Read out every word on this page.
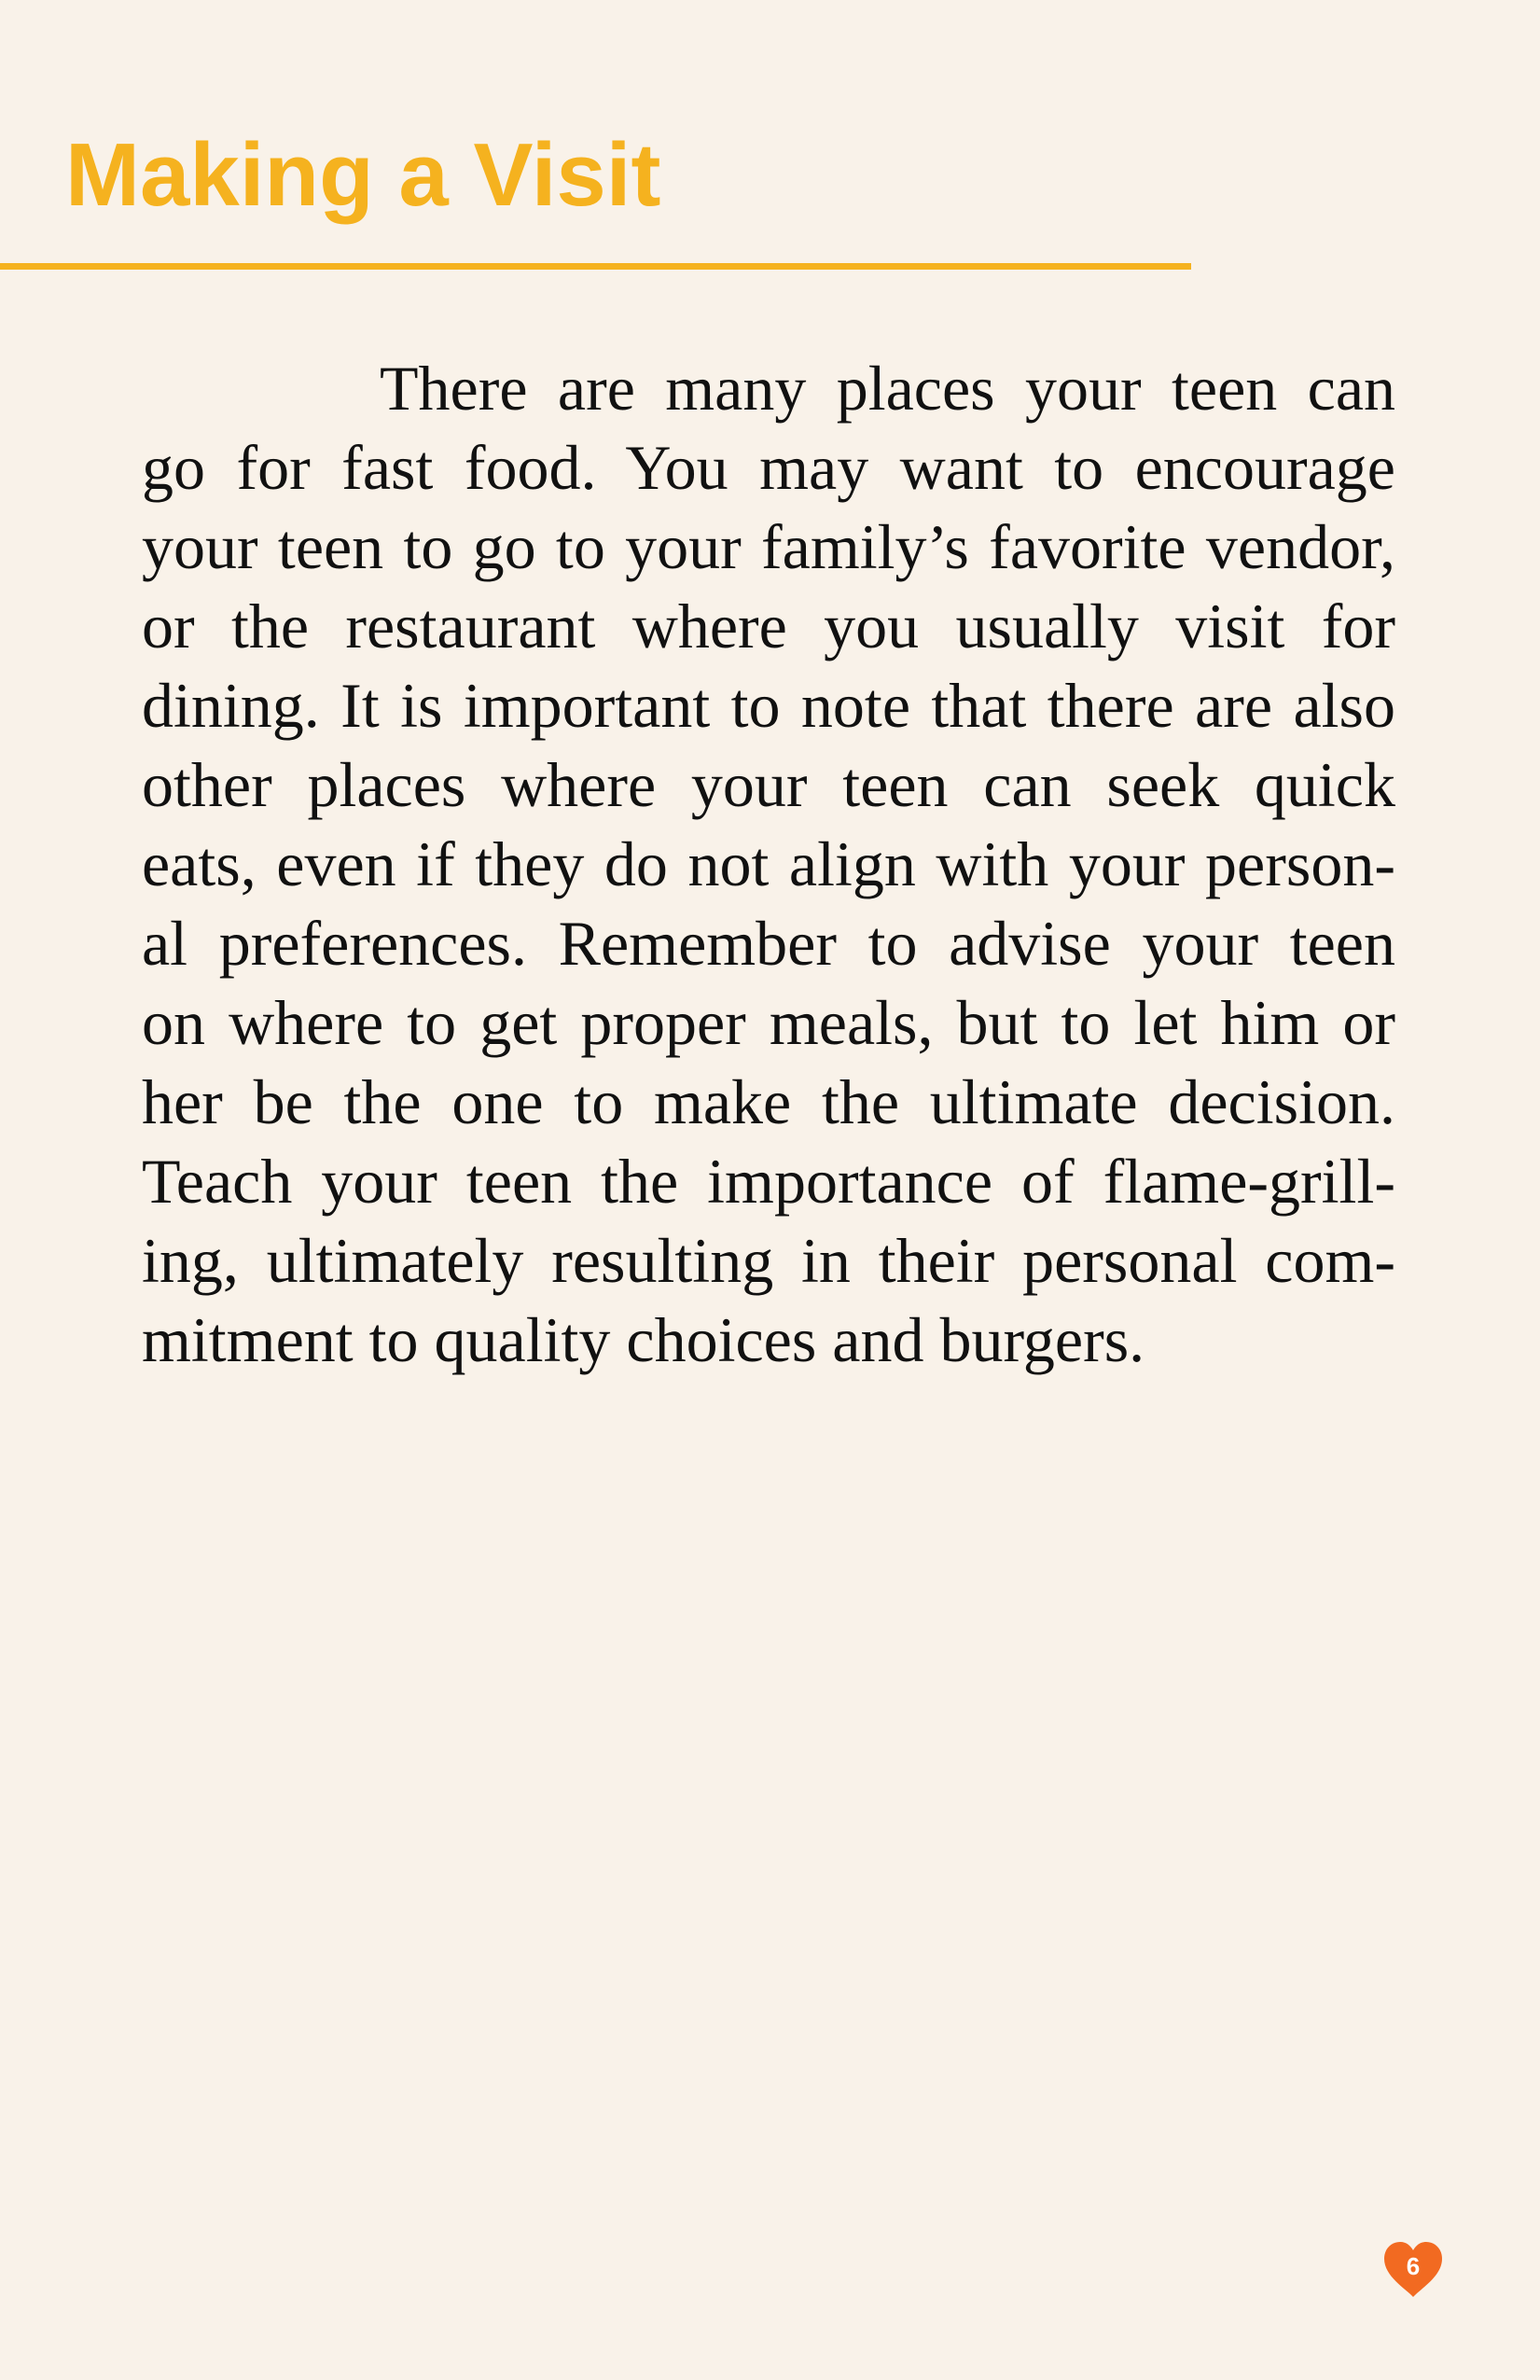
Making a Visit
There are many places your teen can
go for fast food. You may want to encourage
your teen to go to your family’s favorite vendor,
or the restaurant where you usually visit for
dining. It is important to note that there are also
other places where your teen can seek quick
eats, even if they do not align with your person-
al preferences. Remember to advise your teen
on where to get proper meals, but to let him or
her be the one to make the ultimate decision.
Teach your teen the importance of flame-grill-
ing, ultimately resulting in their personal com-
mitment to quality choices and burgers.
6
